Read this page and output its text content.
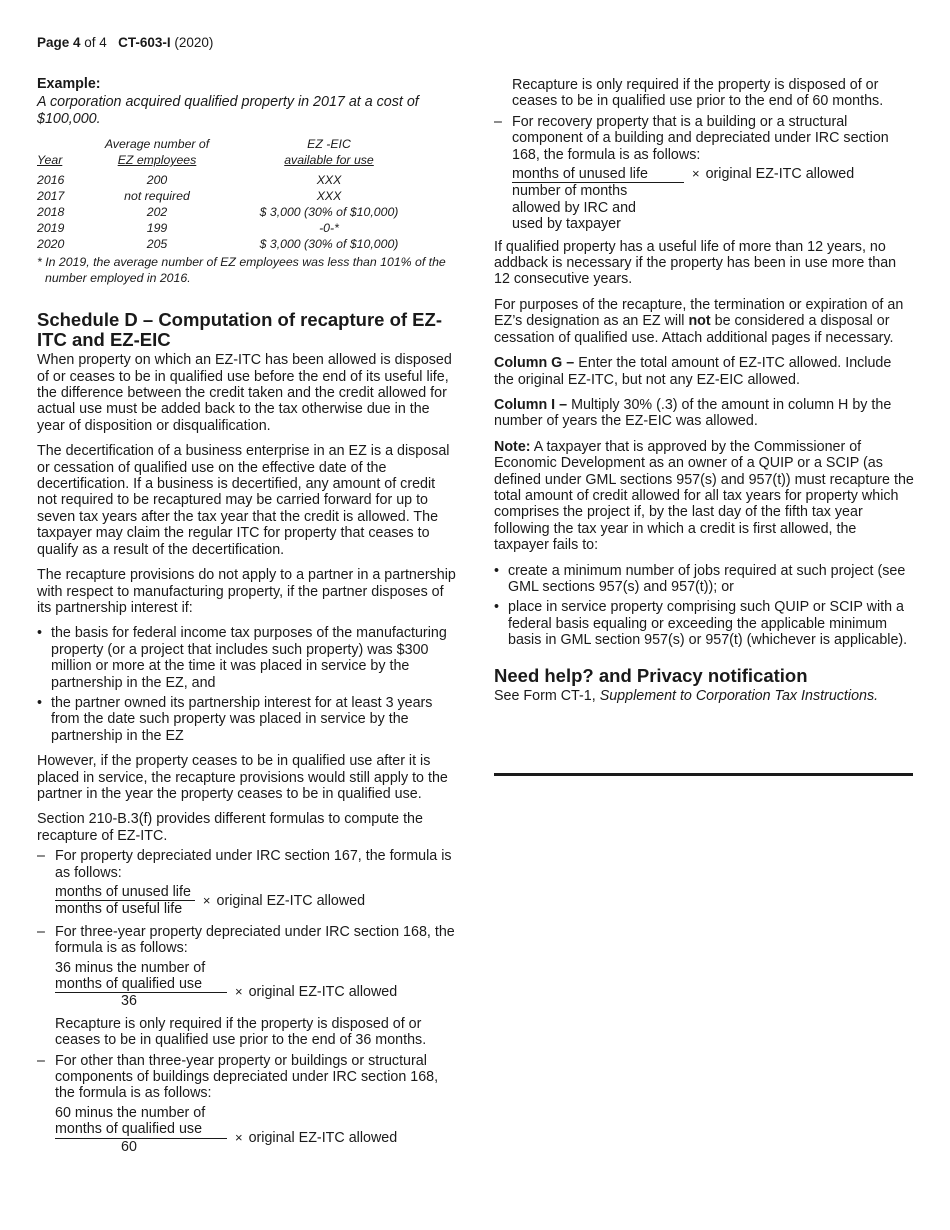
Page 4 of 4 CT-603-I (2020)
Example:
A corporation acquired qualified property in 2017 at a cost of $100,000.
	Average number of	EZ -EIC
Year	EZ employees	available for use

2016	200	XXX
2017	not required	XXX
2018	202	$ 3,000 (30% of $10,000)
2019	199	-0-*
2020	205	$ 3,000 (30% of $10,000)
* In 2019, the average number of EZ employees was less than 101% of the number employed in 2016.
Schedule D – Computation of recapture of EZ-ITC and EZ-EIC

When property on which an EZ-ITC has been allowed is disposed of or ceases to be in qualified use before the end of its useful life, the difference between the credit taken and the credit allowed for actual use must be added back to the tax otherwise due in the year of disposition or disqualification.

The decertification of a business enterprise in an EZ is a disposal or cessation of qualified use on the effective date of the decertification. If a business is decertified, any amount of credit not required to be recaptured may be carried forward for up to seven tax years after the tax year that the credit is allowed. The taxpayer may claim the regular ITC for property that ceases to qualify as a result of the decertification.

The recapture provisions do not apply to a partner in a partnership with respect to manufacturing property, if the partner disposes of its partnership interest if:

• the basis for federal income tax purposes of the manufacturing property (or a project that includes such property) was $300 million or more at the time it was placed in service by the partnership in the EZ, and
• the partner owned its partnership interest for at least 3 years from the date such property was placed in service by the partnership in the EZ

However, if the property ceases to be in qualified use after it is placed in service, the recapture provisions would still apply to the partner in the year the property ceases to be in qualified use.

Section 210-B.3(f) provides different formulas to compute the recapture of EZ-ITC.

– For property depreciated under IRC section 167, the formula is as follows:
$\frac{\text{months of unused life}}{\text{months of useful life}}$ × original EZ-ITC allowed
– For three-year property depreciated under IRC section 168, the formula is as follows:
36 minus the number of
months of qualified use
36
× original EZ-ITC allowed

Recapture is only required if the property is disposed of or ceases to be in qualified use prior to the end of 36 months.

– For other than three-year property or buildings or structural components of buildings depreciated under IRC section 168, the formula is as follows:
60 minus the number of
months of qualified use
60
× original EZ-ITC allowed

Recapture is only required if the property is disposed of or ceases to be in qualified use prior to the end of 60 months.

– For recovery property that is a building or a structural component of a building and depreciated under IRC section 168, the formula is as follows:
$\frac{\text{months of unused life}}{\text{number of months allowed by IRC and used by taxpayer}}$ × original EZ-ITC allowed

If qualified property has a useful life of more than 12 years, no addback is necessary if the property has been in use more than 12 consecutive years.

For purposes of the recapture, the termination or expiration of an EZ’s designation as an EZ will not be considered a disposal or cessation of qualified use. Attach additional pages if necessary.

Column G – Enter the total amount of EZ-ITC allowed. Include the original EZ-ITC, but not any EZ-EIC allowed.

Column I – Multiply 30% (.3) of the amount in column H by the number of years the EZ-EIC was allowed.

Note: A taxpayer that is approved by the Commissioner of Economic Development as an owner of a QUIP or a SCIP (as defined under GML sections 957(s) and 957(t)) must recapture the total amount of credit allowed for all tax years for property which comprises the project if, by the last day of the fifth tax year following the tax year in which a credit is first allowed, the taxpayer fails to:

• create a minimum number of jobs required at such project (see GML sections 957(s) and 957(t)); or
• place in service property comprising such QUIP or SCIP with a federal basis equaling or exceeding the applicable minimum basis in GML section 957(s) or 957(t) (whichever is applicable).
Need help? and Privacy notification

See Form CT-1, Supplement to Corporation Tax Instructions.
